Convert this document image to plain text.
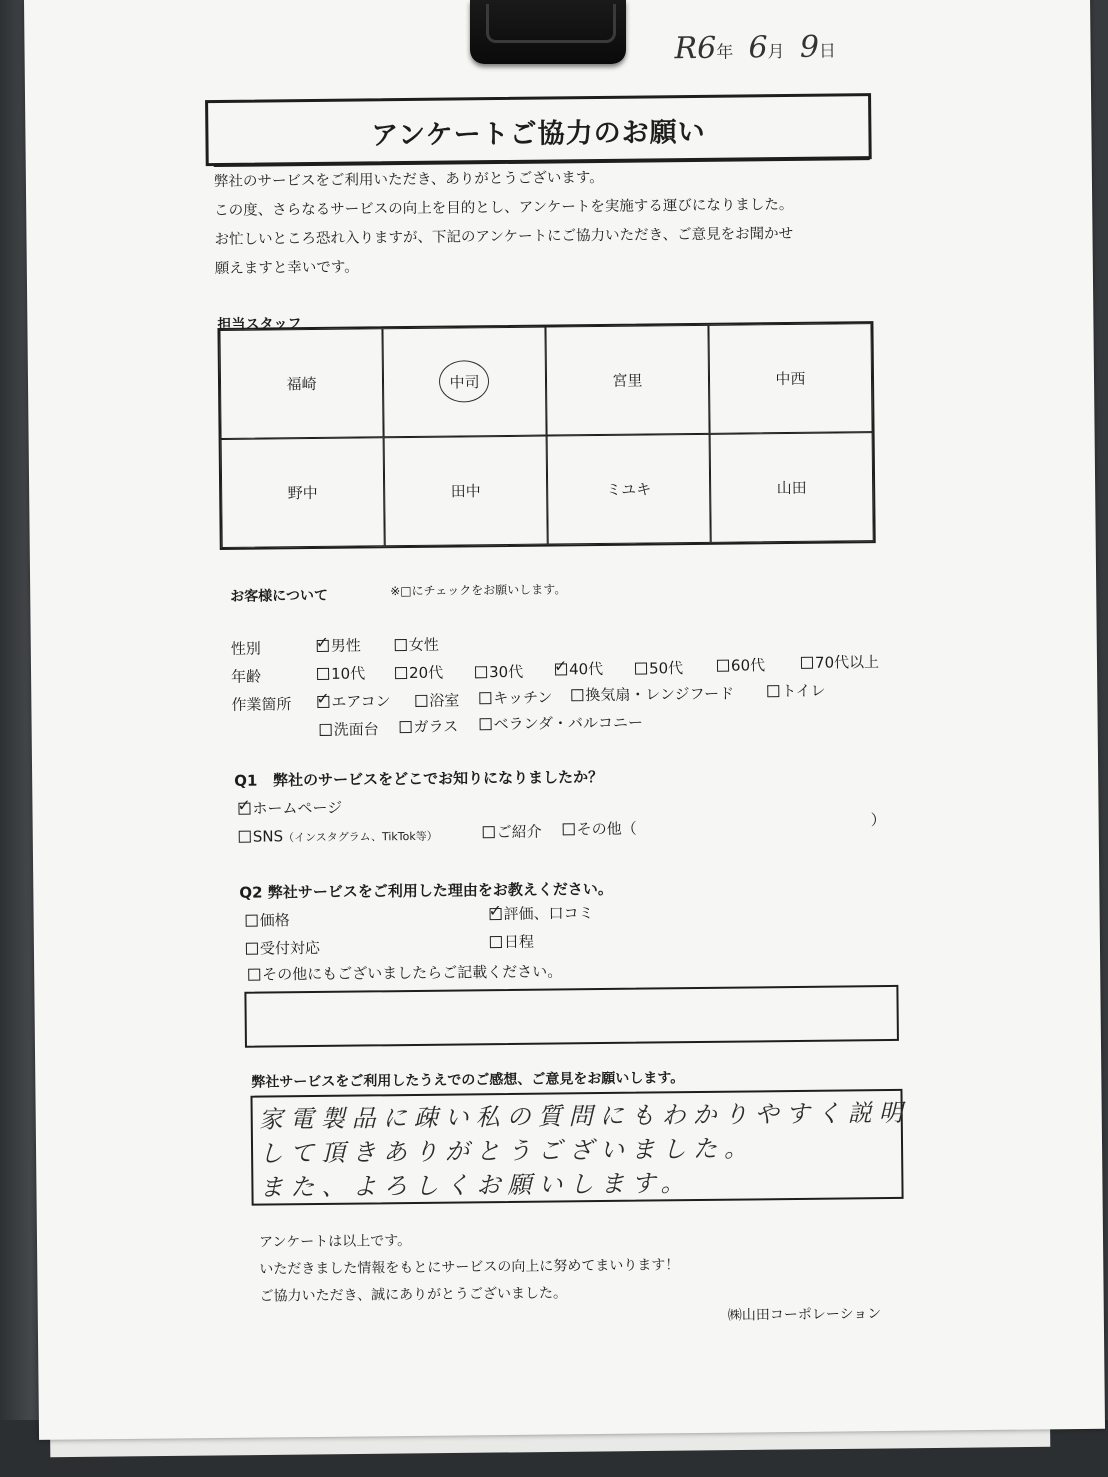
R6年 6月 9日
アンケートご協力のお願い

弊社のサービスをご利用いただき、ありがとうございます。

この度、さらなるサービスの向上を目的とし、アンケートを実施する運びになりました。

お忙しいところ恐れ入りますが、下記のアンケートにご協力いただき、ご意見をお聞かせ

願えますと幸いです。

担当スタッフ
福崎	中司	宮里	中西
野中	田中	ミユキ	山田
お客様について	※□にチェックをお願いします。
性別	✓ 男性	女性
年齢	10代	20代	30代 ✓ 40代	50代	60代	70代以上
作業箇所 ✓ エアコン	浴室	キッチン	換気扇・レンジフード	トイレ
洗面台	ガラス	ベランダ・バルコニー
Q1 弊社のサービスをどこでお知りになりましたか？
✓ ホームページ
SNS（インスタグラム、TikTok等）	ご紹介	その他（	）
Q2 弊社サービスをご利用した理由をお教えください。
価格
✓ 評価、口コミ
受付対応	日程
その他にもございましたらご記載ください。
弊社サービスをご利用したうえでのご感想、ご意見をお願いします。
家電製品に疎い私の質問にもわかりやすく説明
して頂きありがとうございました。
また、よろしくお願いします。

アンケートは以上です。

いただきました情報をもとにサービスの向上に努めてまいります！

ご協力いただき、誠にありがとうございました。

㈱山田コーポレーション
